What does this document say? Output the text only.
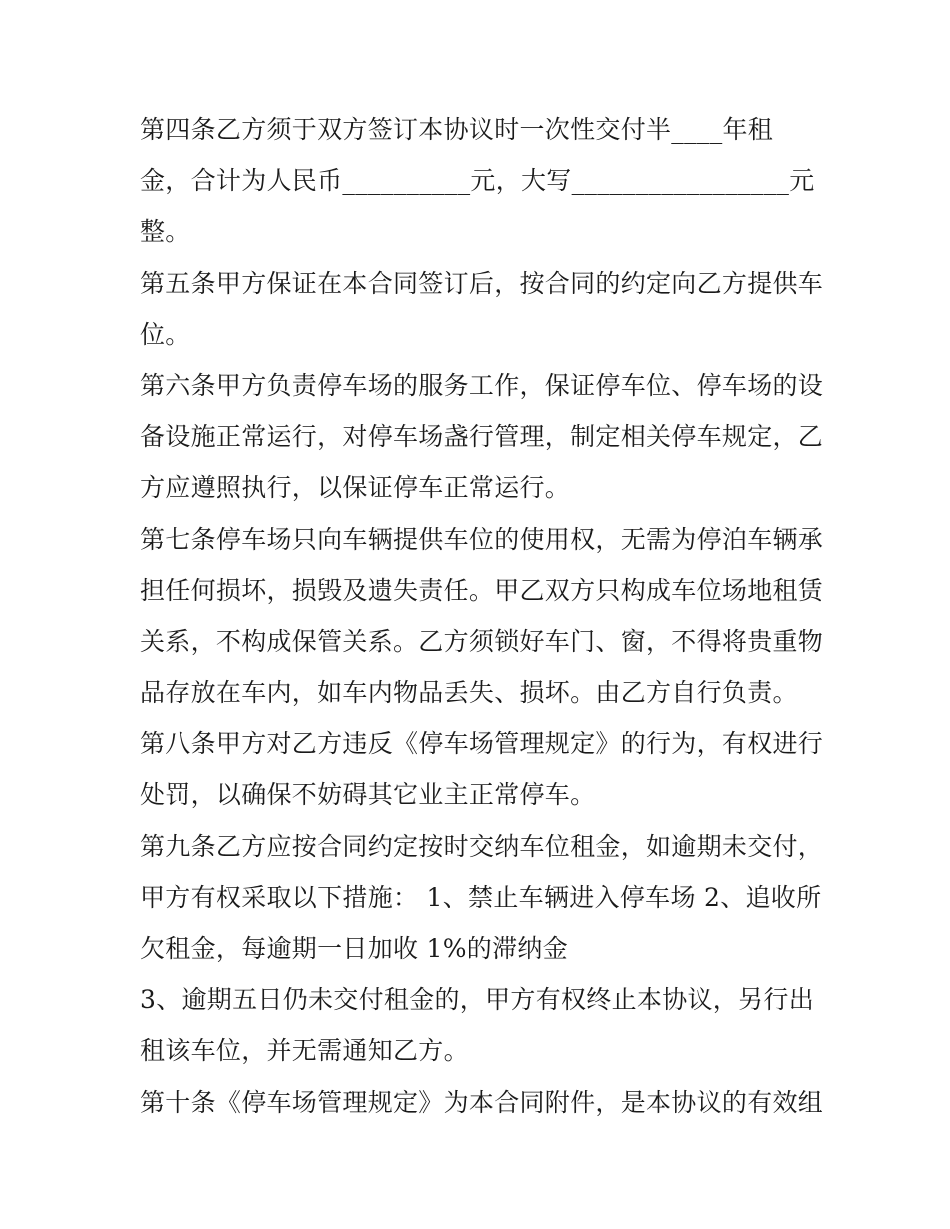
第四条乙方须于双方签订本协议时一次性交付半____年租
金，合计为人民币__________元，大写_________________元
整。
第五条甲方保证在本合同签订后，按合同的约定向乙方提供车
位。
第六条甲方负责停车场的服务工作，保证停车位、停车场的设
备设施正常运行，对停车场盏行管理，制定相关停车规定，乙
方应遵照执行，以保证停车正常运行。
第七条停车场只向车辆提供车位的使用权，无需为停泊车辆承
担任何损坏，损毁及遗失责任。甲乙双方只构成车位场地租赁
关系，不构成保管关系。乙方须锁好车门、窗，不得将贵重物
品存放在车内，如车内物品丢失、损坏。由乙方自行负责。
第八条甲方对乙方违反《停车场管理规定》的行为，有权进行
处罚，以确保不妨碍其它业主正常停车。
第九条乙方应按合同约定按时交纳车位租金，如逾期未交付，
甲方有权采取以下措施： 1、禁止车辆进入停车场 2、追收所
欠租金，每逾期一日加收 1%的滞纳金
3、逾期五日仍未交付租金的，甲方有权终止本协议，另行出
租该车位，并无需通知乙方。
第十条《停车场管理规定》为本合同附件，是本协议的有效组
